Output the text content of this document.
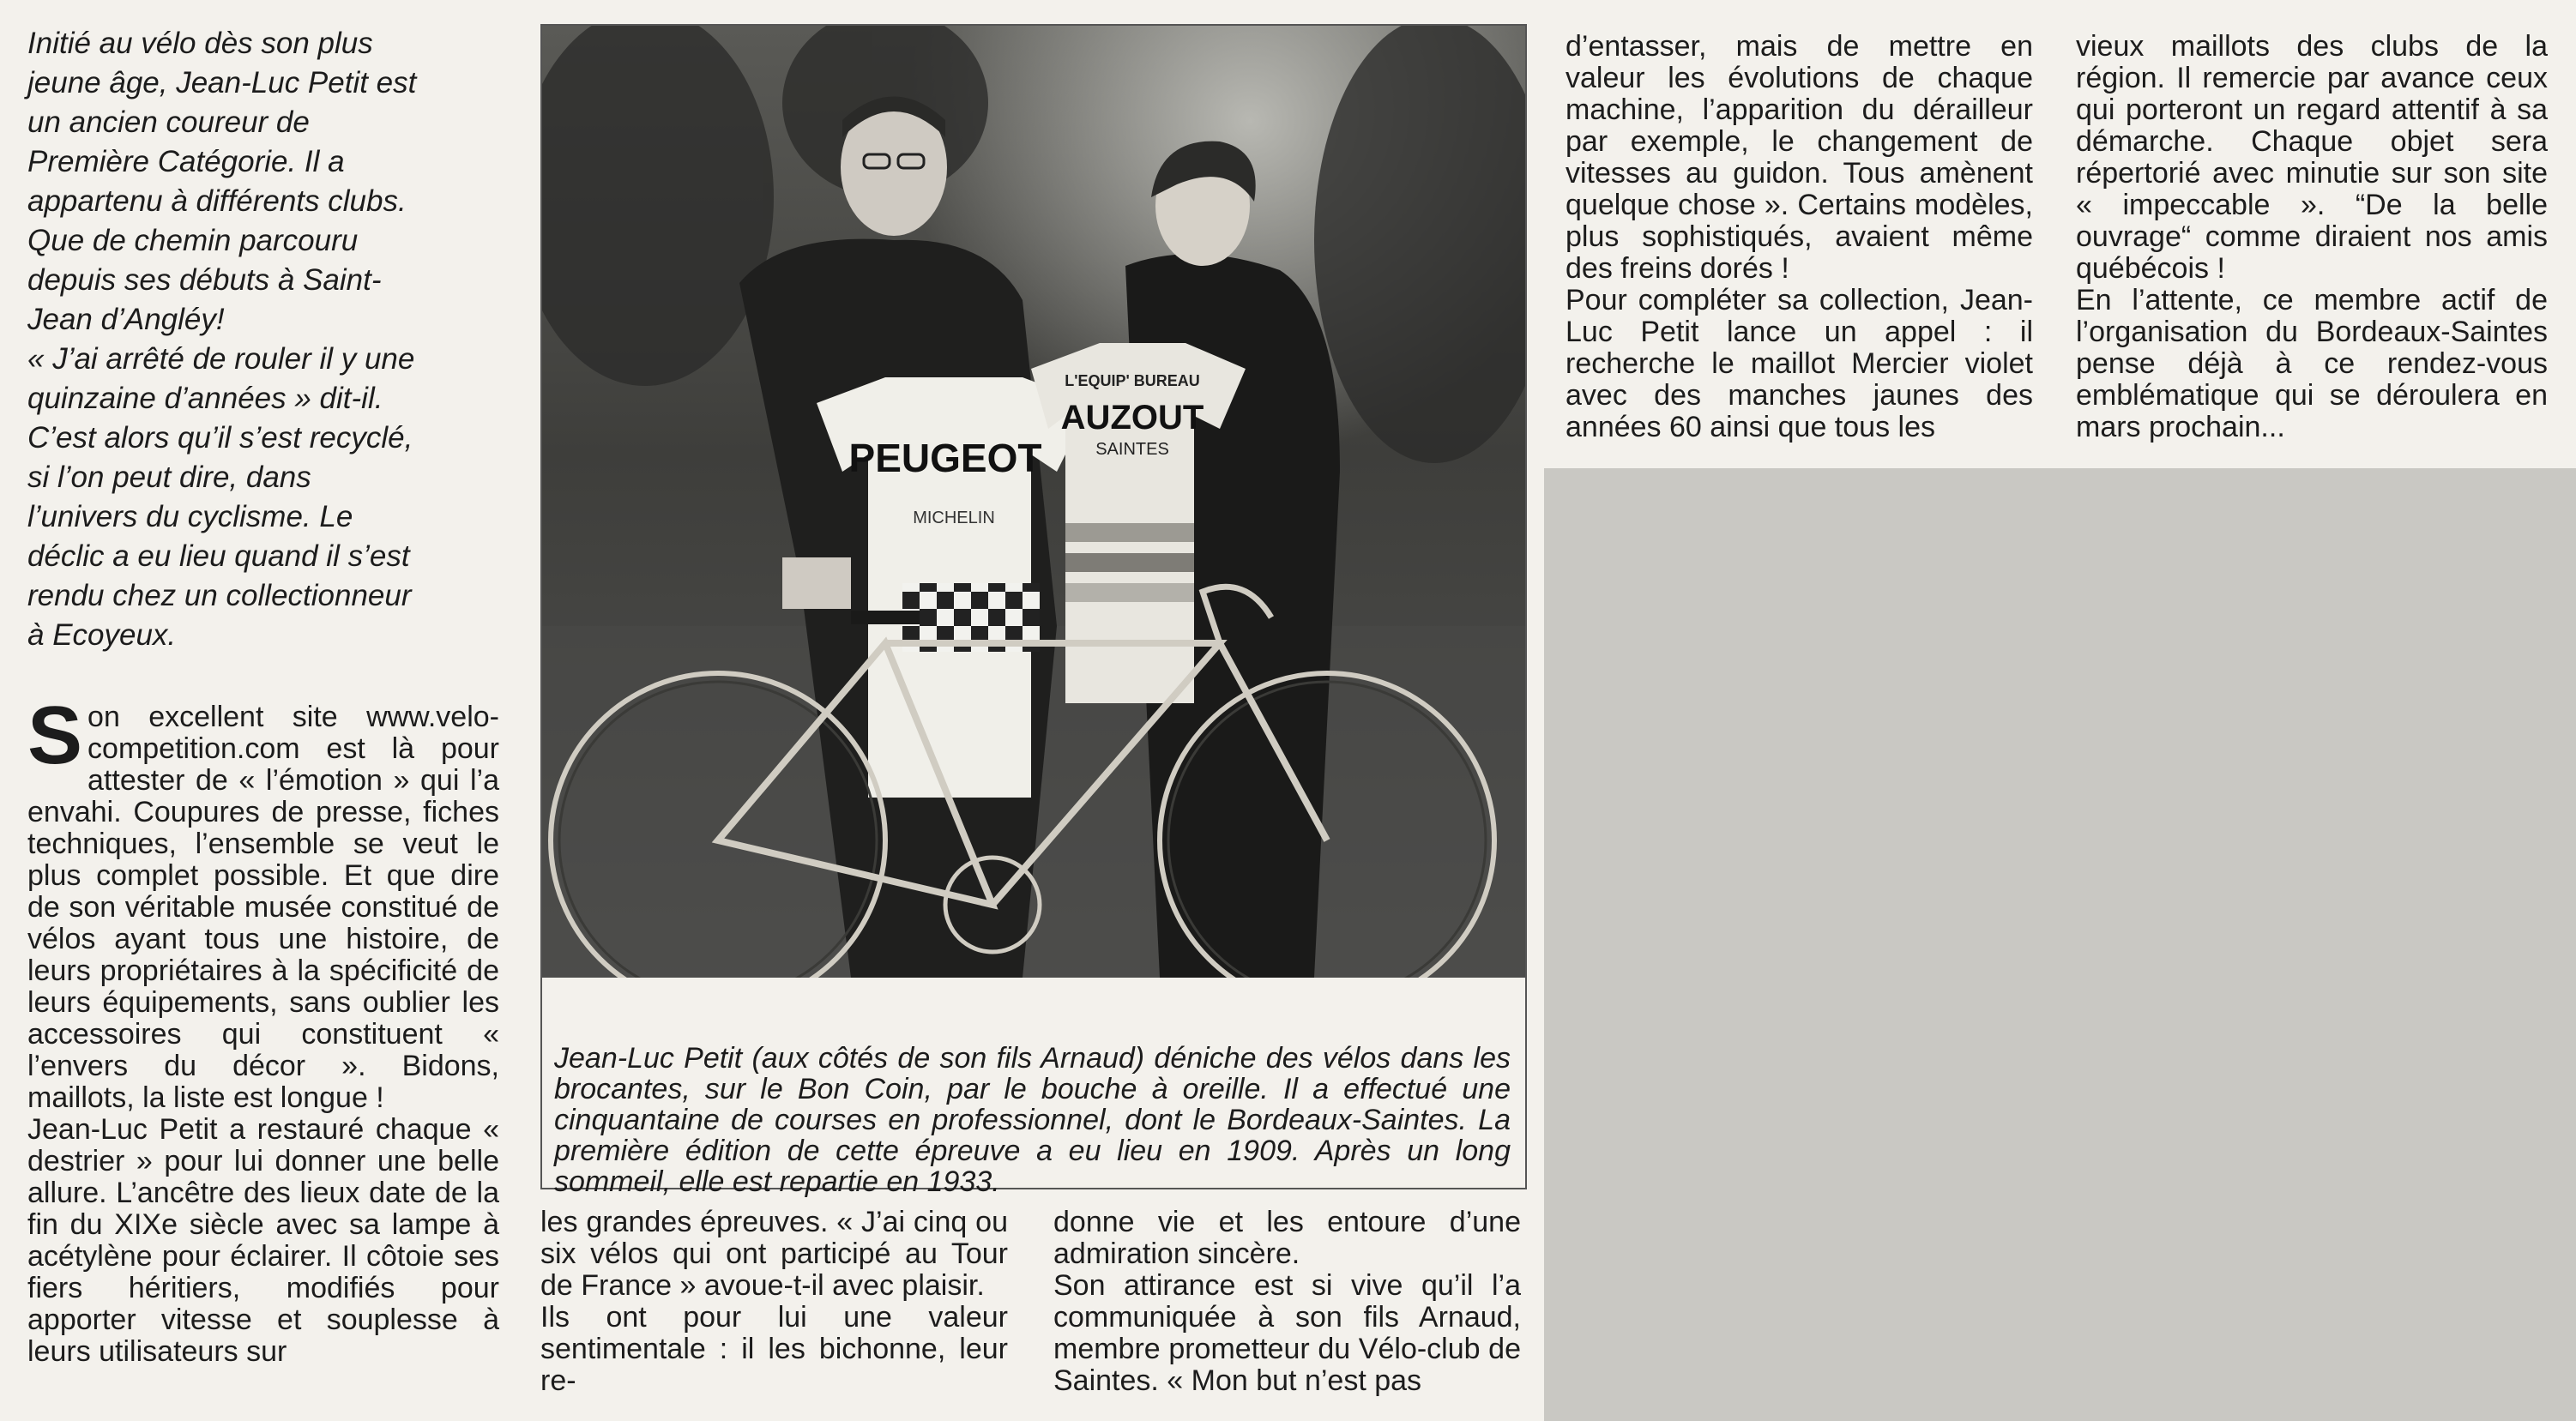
Initié au vélo dès son plus

jeune âge, Jean-Luc Petit est

un ancien coureur de

Première Catégorie. Il a

appartenu à différents clubs.

Que de chemin parcouru

depuis ses débuts à Saint-

Jean d’Angléy!

« J’ai arrêté de rouler il y une

quinzaine d’années » dit-il.

C’est alors qu’il s’est recyclé,

si l’on peut dire, dans

l’univers du cyclisme. Le

déclic a eu lieu quand il s’est

rendu chez un collectionneur

à Ecoyeux.

Son excellent site www.velo-competition.com est là pour attester de « l’émotion » qui l’a envahi. Coupures de presse, fiches techniques, l’ensemble se veut le plus complet possible. Et que dire de son véritable musée constitué de vélos ayant tous une histoire, de leurs propriétaires à la spécificité de leurs équipements, sans oublier les accessoires qui constituent « l’envers du décor ». Bidons, maillots, la liste est longue !

Jean-Luc Petit a restauré chaque « destrier » pour lui donner une belle allure. L’ancêtre des lieux date de la fin du XIXe siècle avec sa lampe à acétylène pour éclairer. Il côtoie ses fiers héritiers, modifiés pour apporter vitesse et souplesse à leurs utilisateurs sur

PEUGEOT
MICHELIN
L'EQUIP' BUREAU
AUZOUT
SAINTES

Jean-Luc Petit (aux côtés de son fils Arnaud) déniche des vélos dans les brocantes, sur le Bon Coin, par le bouche à oreille. Il a effectué une cinquantaine de courses en professionnel, dont le Bordeaux-Saintes. La première édition de cette épreuve a eu lieu en 1909. Après un long sommeil, elle est repartie en 1933.

les grandes épreuves. « J’ai cinq ou six vélos qui ont participé au Tour de France » avoue-t-il avec plaisir.

Ils ont pour lui une valeur sentimentale : il les bichonne, leur re-

donne vie et les entoure d’une admiration sincère.

Son attirance est si vive qu’il l’a communiquée à son fils Arnaud, membre prometteur du Vélo-club de Saintes. « Mon but n’est pas

d’entasser, mais de mettre en valeur les évolutions de chaque machine, l’apparition du dérailleur par exemple, le changement de vitesses au guidon. Tous amènent quelque chose ». Certains modèles, plus sophistiqués, avaient même des freins dorés !

Pour compléter sa collection, Jean-Luc Petit lance un appel : il recherche le maillot Mercier violet avec des manches jaunes des années 60 ainsi que tous les

vieux maillots des clubs de la région. Il remercie par avance ceux qui porteront un regard attentif à sa démarche. Chaque objet sera répertorié avec minutie sur son site « impeccable ». “De la belle ouvrage“ comme diraient nos amis québécois !

En l’attente, ce membre actif de l’organisation du Bordeaux-Saintes pense déjà à ce rendez-vous emblématique qui se déroulera en mars prochain...
